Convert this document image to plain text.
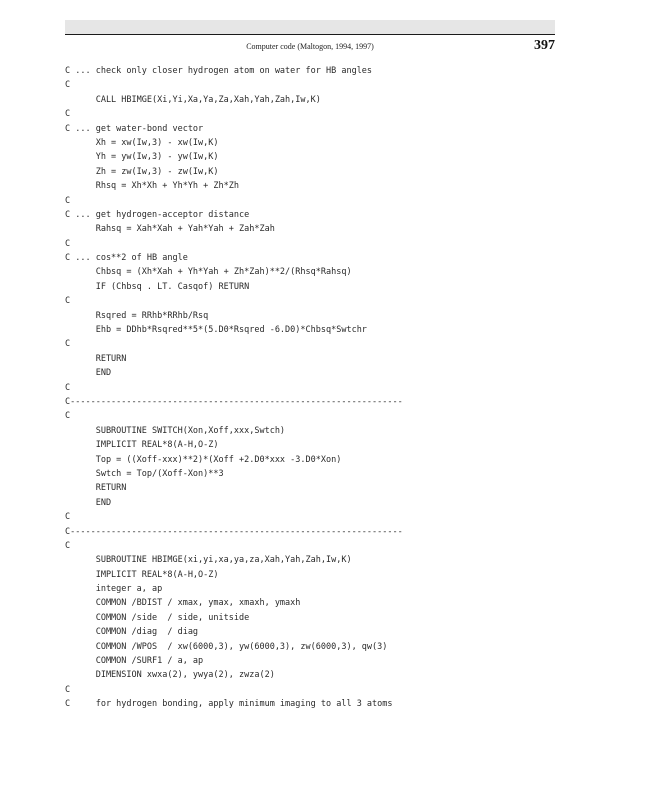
Computer code (Maltogon, 1994, 1997)	397
C ... check only closer hydrogen atom on water for HB angles
C
CALL HBIMGE(Xi,Yi,Xa,Ya,Za,Xah,Yah,Zah,Iw,K)
C
C ... get water-bond vector
Xh = xw(Iw,3) - xw(Iw,K)
Yh = yw(Iw,3) - yw(Iw,K)
Zh = zw(Iw,3) - zw(Iw,K)
Rhsq = Xh*Xh + Yh*Yh + Zh*Zh
C
C ... get hydrogen-acceptor distance
Rahsq = Xah*Xah + Yah*Yah + Zah*Zah
C
C ... cos**2 of HB angle
Chbsq = (Xh*Xah + Yh*Yah + Zh*Zah)**2/(Rhsq*Rahsq)
IF (Chbsq . LT. Casqof) RETURN
C
Rsqred = RRhb*RRhb/Rsq
Ehb = DDhb*Rsqred**5*(5.D0*Rsqred -6.D0)*Chbsq*Swtchr
C
RETURN
END
C
C-----------------------------------------------------------------
C
SUBROUTINE SWITCH(Xon,Xoff,xxx,Swtch)
IMPLICIT REAL*8(A-H,O-Z)
Top = ((Xoff-xxx)**2)*(Xoff +2.D0*xxx -3.D0*Xon)
Swtch = Top/(Xoff-Xon)**3
RETURN
END
C
C-----------------------------------------------------------------
C
SUBROUTINE HBIMGE(xi,yi,xa,ya,za,Xah,Yah,Zah,Iw,K)
IMPLICIT REAL*8(A-H,O-Z)
integer a, ap
COMMON /BDIST / xmax, ymax, xmaxh, ymaxh
COMMON /side  / side, unitside
COMMON /diag  / diag
COMMON /WPOS  / xw(6000,3), yw(6000,3), zw(6000,3), qw(3)
COMMON /SURF1 / a, ap
DIMENSION xwxa(2), ywya(2), zwza(2)
C
C     for hydrogen bonding, apply minimum imaging to all 3 atoms
